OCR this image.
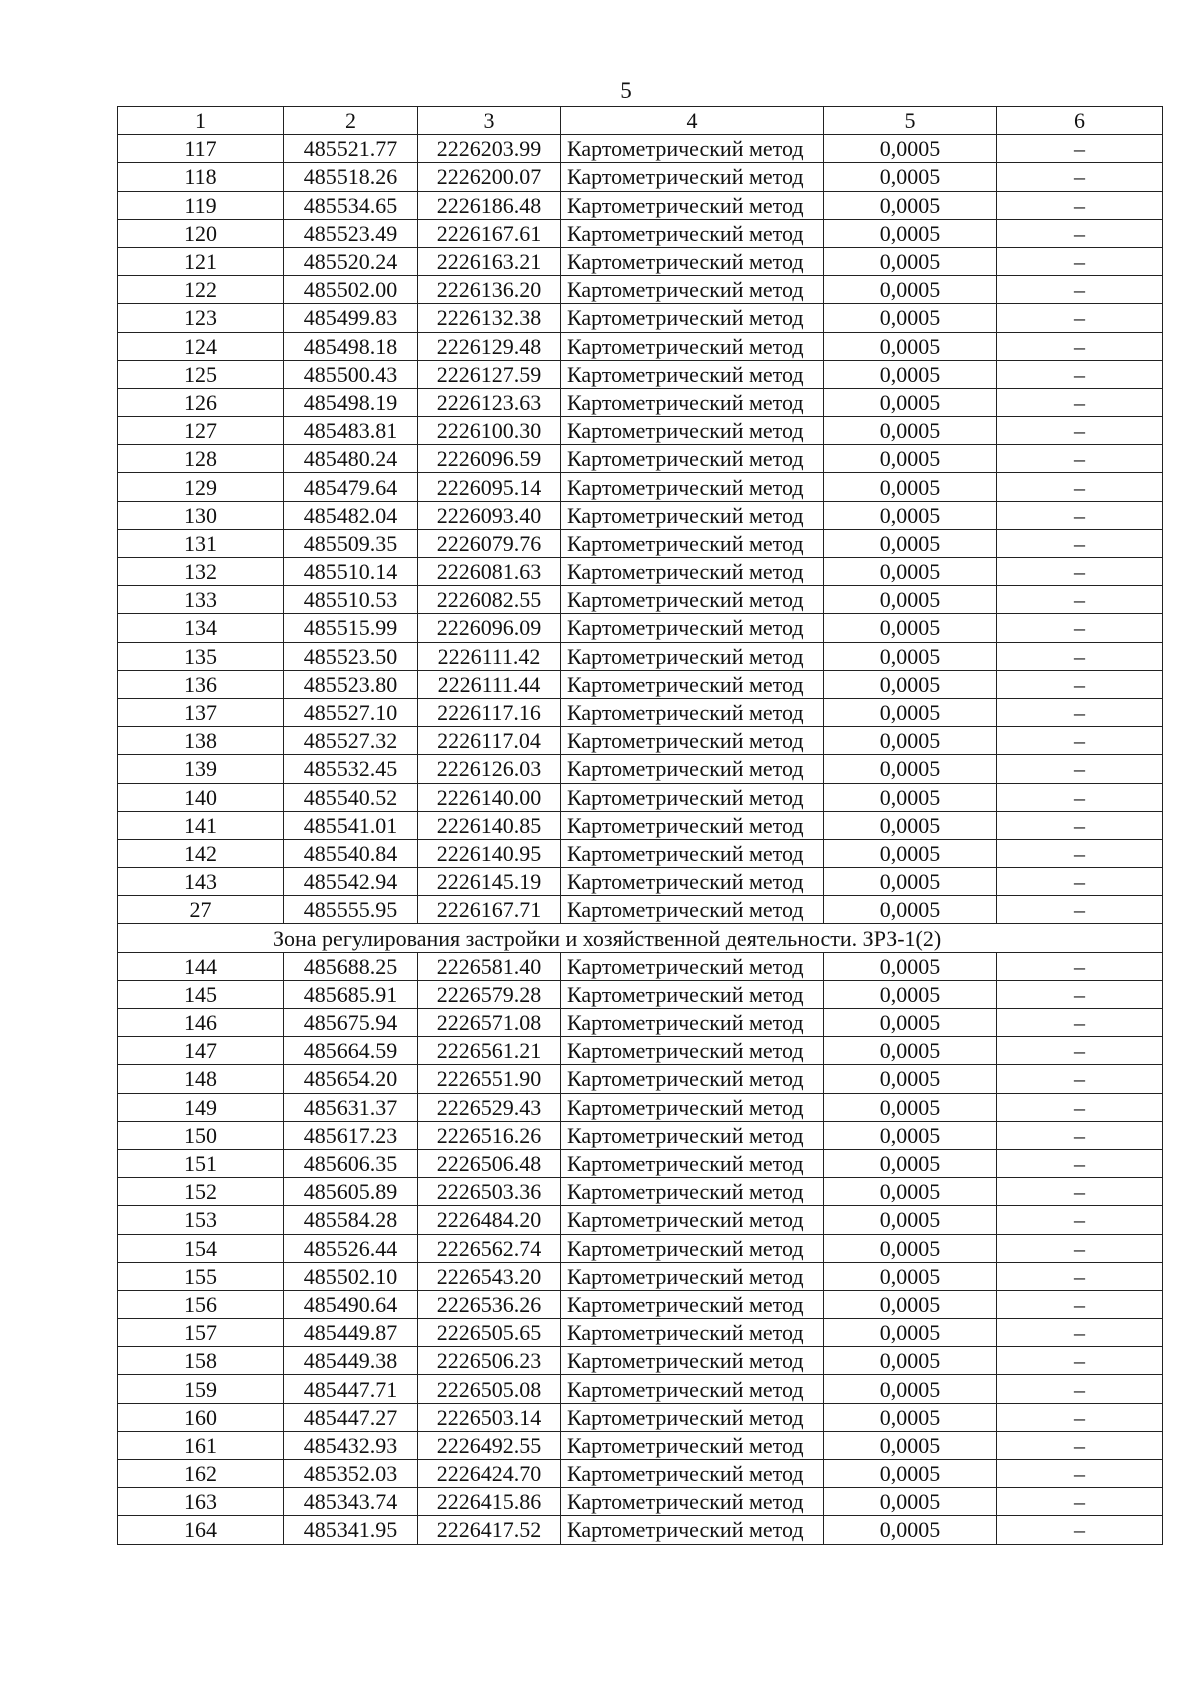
5
1	2	3	4	5	6
117	485521.77	2226203.99	Картометрический метод	0,0005	–
118	485518.26	2226200.07	Картометрический метод	0,0005	–
119	485534.65	2226186.48	Картометрический метод	0,0005	–
120	485523.49	2226167.61	Картометрический метод	0,0005	–
121	485520.24	2226163.21	Картометрический метод	0,0005	–
122	485502.00	2226136.20	Картометрический метод	0,0005	–
123	485499.83	2226132.38	Картометрический метод	0,0005	–
124	485498.18	2226129.48	Картометрический метод	0,0005	–
125	485500.43	2226127.59	Картометрический метод	0,0005	–
126	485498.19	2226123.63	Картометрический метод	0,0005	–
127	485483.81	2226100.30	Картометрический метод	0,0005	–
128	485480.24	2226096.59	Картометрический метод	0,0005	–
129	485479.64	2226095.14	Картометрический метод	0,0005	–
130	485482.04	2226093.40	Картометрический метод	0,0005	–
131	485509.35	2226079.76	Картометрический метод	0,0005	–
132	485510.14	2226081.63	Картометрический метод	0,0005	–
133	485510.53	2226082.55	Картометрический метод	0,0005	–
134	485515.99	2226096.09	Картометрический метод	0,0005	–
135	485523.50	2226111.42	Картометрический метод	0,0005	–
136	485523.80	2226111.44	Картометрический метод	0,0005	–
137	485527.10	2226117.16	Картометрический метод	0,0005	–
138	485527.32	2226117.04	Картометрический метод	0,0005	–
139	485532.45	2226126.03	Картометрический метод	0,0005	–
140	485540.52	2226140.00	Картометрический метод	0,0005	–
141	485541.01	2226140.85	Картометрический метод	0,0005	–
142	485540.84	2226140.95	Картометрический метод	0,0005	–
143	485542.94	2226145.19	Картометрический метод	0,0005	–
27	485555.95	2226167.71	Картометрический метод	0,0005	–
Зона регулирования застройки и хозяйственной деятельности. ЗРЗ-1(2)					
144	485688.25	2226581.40	Картометрический метод	0,0005	–
145	485685.91	2226579.28	Картометрический метод	0,0005	–
146	485675.94	2226571.08	Картометрический метод	0,0005	–
147	485664.59	2226561.21	Картометрический метод	0,0005	–
148	485654.20	2226551.90	Картометрический метод	0,0005	–
149	485631.37	2226529.43	Картометрический метод	0,0005	–
150	485617.23	2226516.26	Картометрический метод	0,0005	–
151	485606.35	2226506.48	Картометрический метод	0,0005	–
152	485605.89	2226503.36	Картометрический метод	0,0005	–
153	485584.28	2226484.20	Картометрический метод	0,0005	–
154	485526.44	2226562.74	Картометрический метод	0,0005	–
155	485502.10	2226543.20	Картометрический метод	0,0005	–
156	485490.64	2226536.26	Картометрический метод	0,0005	–
157	485449.87	2226505.65	Картометрический метод	0,0005	–
158	485449.38	2226506.23	Картометрический метод	0,0005	–
159	485447.71	2226505.08	Картометрический метод	0,0005	–
160	485447.27	2226503.14	Картометрический метод	0,0005	–
161	485432.93	2226492.55	Картометрический метод	0,0005	–
162	485352.03	2226424.70	Картометрический метод	0,0005	–
163	485343.74	2226415.86	Картометрический метод	0,0005	–
164	485341.95	2226417.52	Картометрический метод	0,0005	–
